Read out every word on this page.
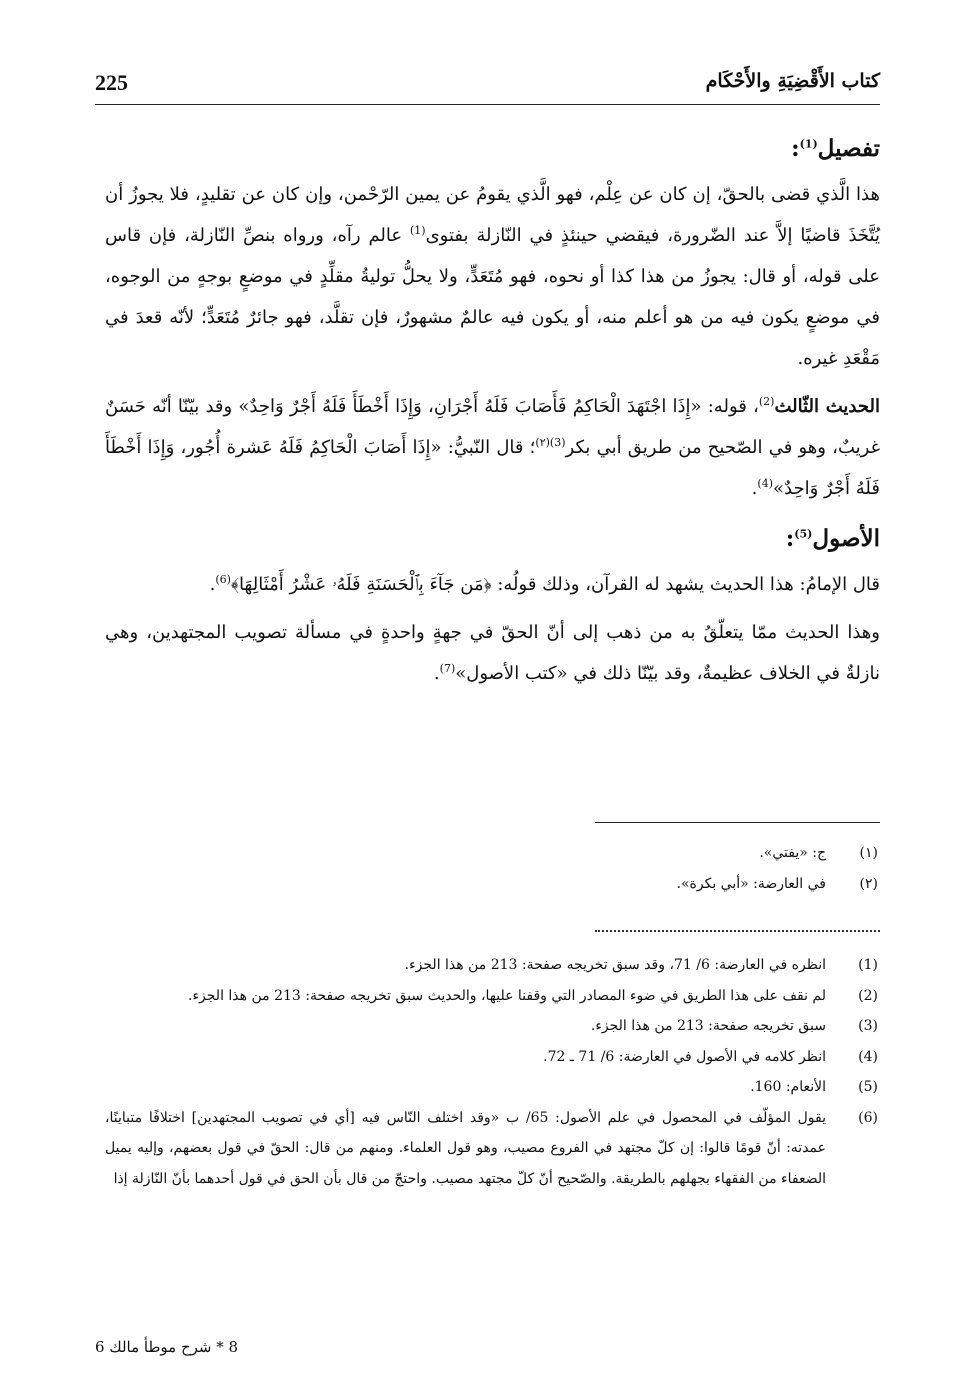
225	كتاب الأَقْضِيَةِ والأَحْكَام
تفصيل$^{(1)}$:

هذا الَّذي قضى بالحقّ، إن كان عن عِلْم، فهو الَّذي يقومُ عن يمين الرّحْمن، وإن كان عن تقليدٍ، فلا يجوزُ أن يُتَّخَذَ قاضيًا إلاَّ عند الضّرورة، فيقضي حينئذٍ في النّازلة بفتوى$^{(1)}$ عالم رآه، ورواه بنصِّ النّازلة، فإن قاس على قوله، أو قال: يجوزُ من هذا كذا أو نحوه، فهو مُتَعَدٍّ، ولا يحلُّ توليةُ مقلِّدٍ في موضعٍ بوجهٍ من الوجوه، في موضعٍ يكون فيه من هو أعلم منه، أو يكون فيه عالمٌ مشهورٌ، فإن تقلَّد، فهو جائرٌ مُتَعَدٍّ؛ لأنّه قعدَ في مَقْعَدِ غيره.

الحديث الثّالث$^{(2)}$، قوله: «إِذَا اجْتَهَدَ الْحَاكِمُ فَأَصَابَ فَلَهُ أَجْرَانِ، وَإِذَا أَخْطَأَ فَلَهُ أَجْرٌ وَاحِدٌ» وقد بيّنّا أنّه حَسَنٌ غريبٌ، وهو في الصّحيح من طريق أبي بكر$^{(3)(٢)}$؛ قال النّبيُّ: «إِذَا أَصَابَ الْحَاكِمُ فَلَهُ عَشرة أُجُور، وَإِذَا أَخْطَأَ فَلَهُ أَجْرٌ وَاحِدٌ»$^{(4)}$.

الأصول$^{(5)}$:

قال الإمامُ: هذا الحديث يشهد له القرآن، وذلك قولُه: ﴿مَن جَآءَ بِٱلْحَسَنَةِ فَلَهُۥ عَشْرُ أَمْثَالِهَا﴾$^{(6)}$.

وهذا الحديث ممّا يتعلّقُ به من ذهب إلى أنّ الحقّ في جهةٍ واحدةٍ في مسألة تصويب المجتهدين، وهي نازلةٌ في الخلاف عظيمةٌ، وقد بيّنّا ذلك في «كتب الأصول»$^{(7)}$.

(١)
ج: «يفتي».
(٢)
في العارضة: «أبي بكرة».
(1)
انظره في العارضة: 6/ 71، وقد سبق تخريجه صفحة: 213 من هذا الجزء.
(2)
لم نقف على هذا الطريق في ضوء المصادر التي وقفنا عليها، والحديث سبق تخريجه صفحة: 213 من هذا الجزء.
(3)
سبق تخريجه صفحة: 213 من هذا الجزء.
(4)
انظر كلامه في الأصول في العارضة: 6/ 71 ـ 72.
(5)
الأنعام: 160.
(6)
يقول المؤلّف في المحصول في علم الأصول: 65/ ب «وقد اختلف النّاس فيه [أي في تصويب المجتهدين] اختلافًا متباينًا، عمدته: أنّ قومًا قالوا: إن كلّ مجتهد في الفروع مصيب، وهو قول العلماء. ومنهم من قال: الحقّ في قول بعضهم، وإليه يميل الضعفاء من الفقهاء بجهلهم بالطريقة. والصّحيح أنّ كلّ مجتهد مصيب. واحتجّ من قال بأن الحق في قول أحدهما بأنّ النّازلة إذا
8 * شرح موطأ مالك 6
